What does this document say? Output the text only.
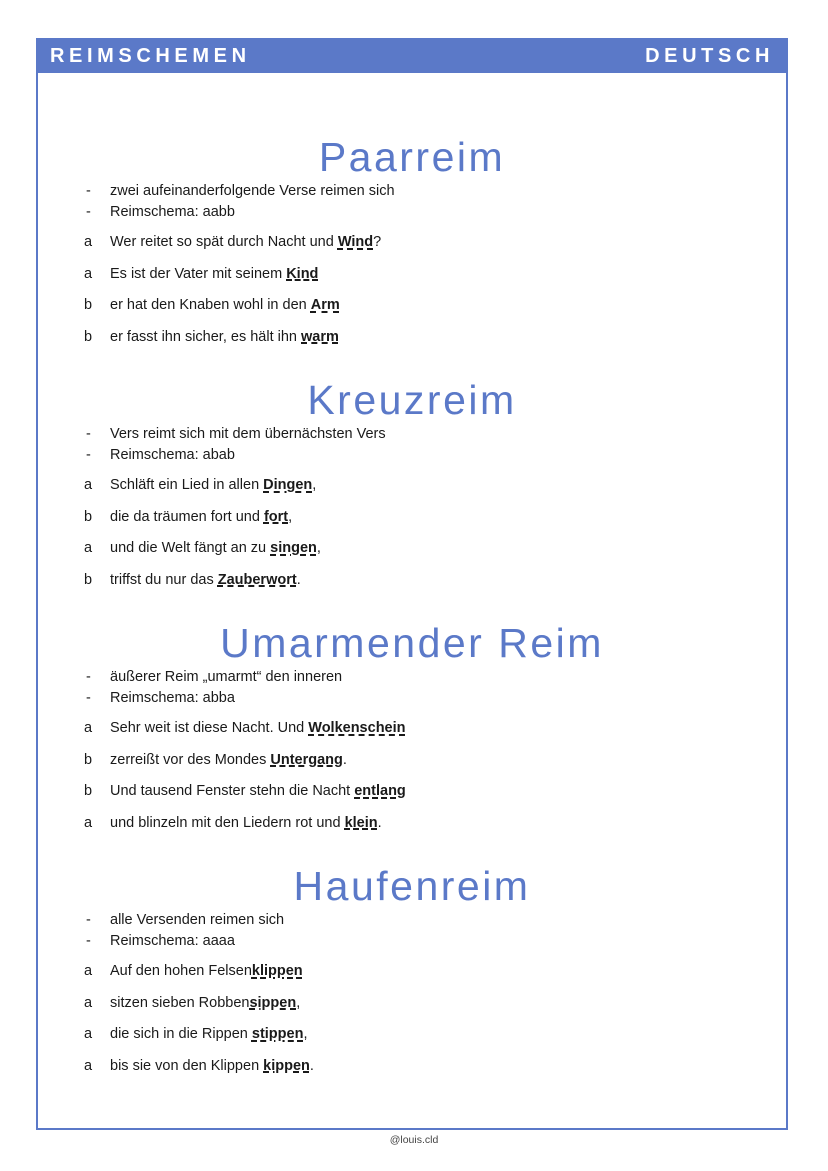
REIMSCHEMEN	DEUTSCH
Paarreim
- zwei aufeinanderfolgende Verse reimen sich
- Reimschema: aabb
a Wer reitet so spät durch Nacht und Wind?
a Es ist der Vater mit seinem Kind
b er hat den Knaben wohl in den Arm
b er fasst ihn sicher, es hält ihn warm
Kreuzreim
- Vers reimt sich mit dem übernächsten Vers
- Reimschema: abab
a Schläft ein Lied in allen Dingen,
b die da träumen fort und fort,
a und die Welt fängt an zu singen,
b triffst du nur das Zauberwort.
Umarmender Reim
- äußerer Reim „umarmt“ den inneren
- Reimschema: abba
a Sehr weit ist diese Nacht. Und Wolkenschein
b zerreißt vor des Mondes Untergang.
b Und tausend Fenster stehn die Nacht entlang
a und blinzeln mit den Liedern rot und klein.
Haufenreim
- alle Versenden reimen sich
- Reimschema: aaaa
a Auf den hohen Felsenklippen
a sitzen sieben Robbensippen,
a die sich in die Rippen stippen,
a bis sie von den Klippen kippen.
@louis.cld
